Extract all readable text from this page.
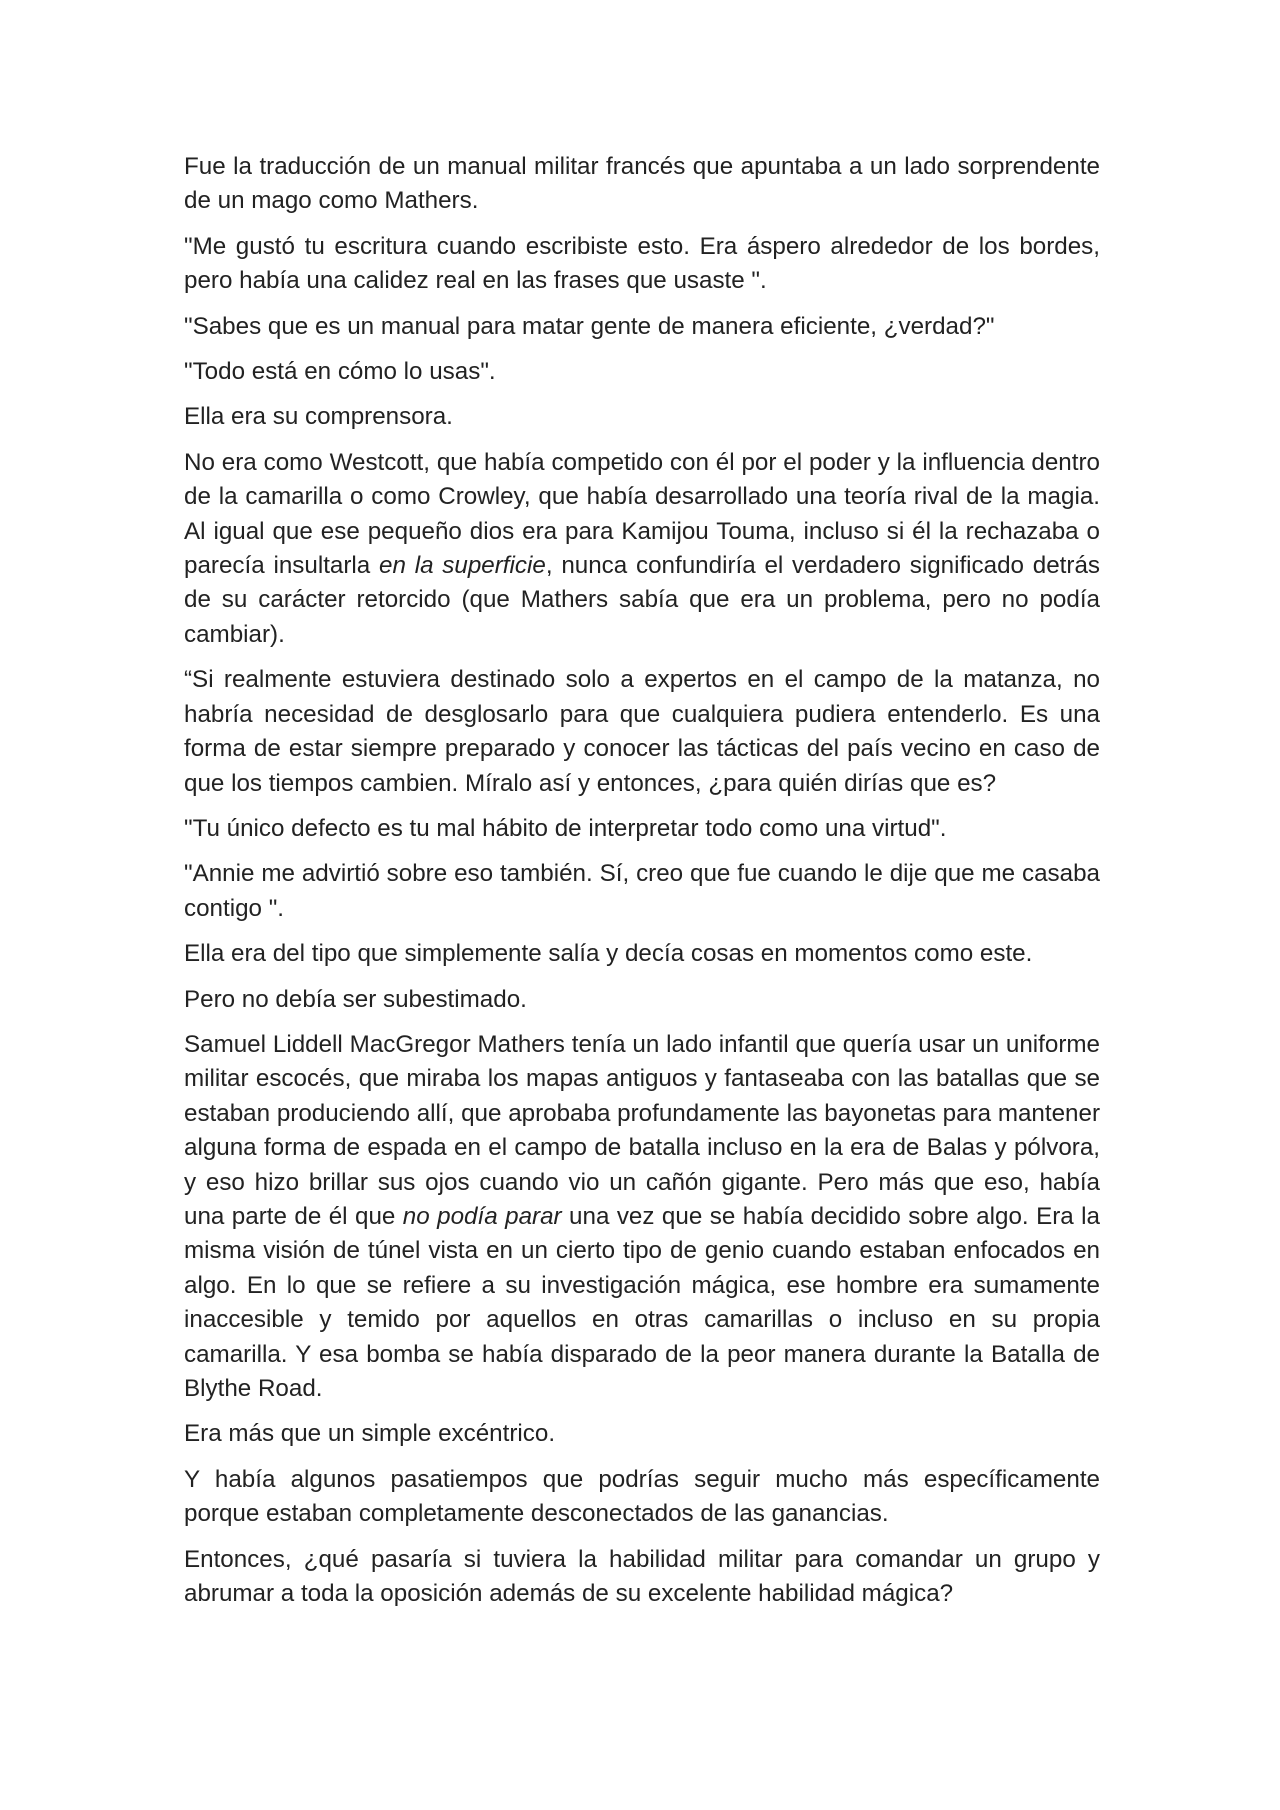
Fue la traducción de un manual militar francés que apuntaba a un lado sorprendente de un mago como Mathers.

"Me gustó tu escritura cuando escribiste esto. Era áspero alrededor de los bordes, pero había una calidez real en las frases que usaste ".

"Sabes que es un manual para matar gente de manera eficiente, ¿verdad?"

"Todo está en cómo lo usas".

Ella era su comprensora.

No era como Westcott, que había competido con él por el poder y la influencia dentro de la camarilla o como Crowley, que había desarrollado una teoría rival de la magia. Al igual que ese pequeño dios era para Kamijou Touma, incluso si él la rechazaba o parecía insultarla en la superficie, nunca confundiría el verdadero significado detrás de su carácter retorcido (que Mathers sabía que era un problema, pero no podía cambiar).

“Si realmente estuviera destinado solo a expertos en el campo de la matanza, no habría necesidad de desglosarlo para que cualquiera pudiera entenderlo. Es una forma de estar siempre preparado y conocer las tácticas del país vecino en caso de que los tiempos cambien. Míralo así y entonces, ¿para quién dirías que es?

"Tu único defecto es tu mal hábito de interpretar todo como una virtud".

"Annie me advirtió sobre eso también. Sí, creo que fue cuando le dije que me casaba contigo ".

Ella era del tipo que simplemente salía y decía cosas en momentos como este.

Pero no debía ser subestimado.

Samuel Liddell MacGregor Mathers tenía un lado infantil que quería usar un uniforme militar escocés, que miraba los mapas antiguos y fantaseaba con las batallas que se estaban produciendo allí, que aprobaba profundamente las bayonetas para mantener alguna forma de espada en el campo de batalla incluso en la era de Balas y pólvora, y eso hizo brillar sus ojos cuando vio un cañón gigante. Pero más que eso, había una parte de él que no podía parar una vez que se había decidido sobre algo. Era la misma visión de túnel vista en un cierto tipo de genio cuando estaban enfocados en algo. En lo que se refiere a su investigación mágica, ese hombre era sumamente inaccesible y temido por aquellos en otras camarillas o incluso en su propia camarilla. Y esa bomba se había disparado de la peor manera durante la Batalla de Blythe Road.

Era más que un simple excéntrico.

Y había algunos pasatiempos que podrías seguir mucho más específicamente porque estaban completamente desconectados de las ganancias.

Entonces, ¿qué pasaría si tuviera la habilidad militar para comandar un grupo y abrumar a toda la oposición además de su excelente habilidad mágica?
